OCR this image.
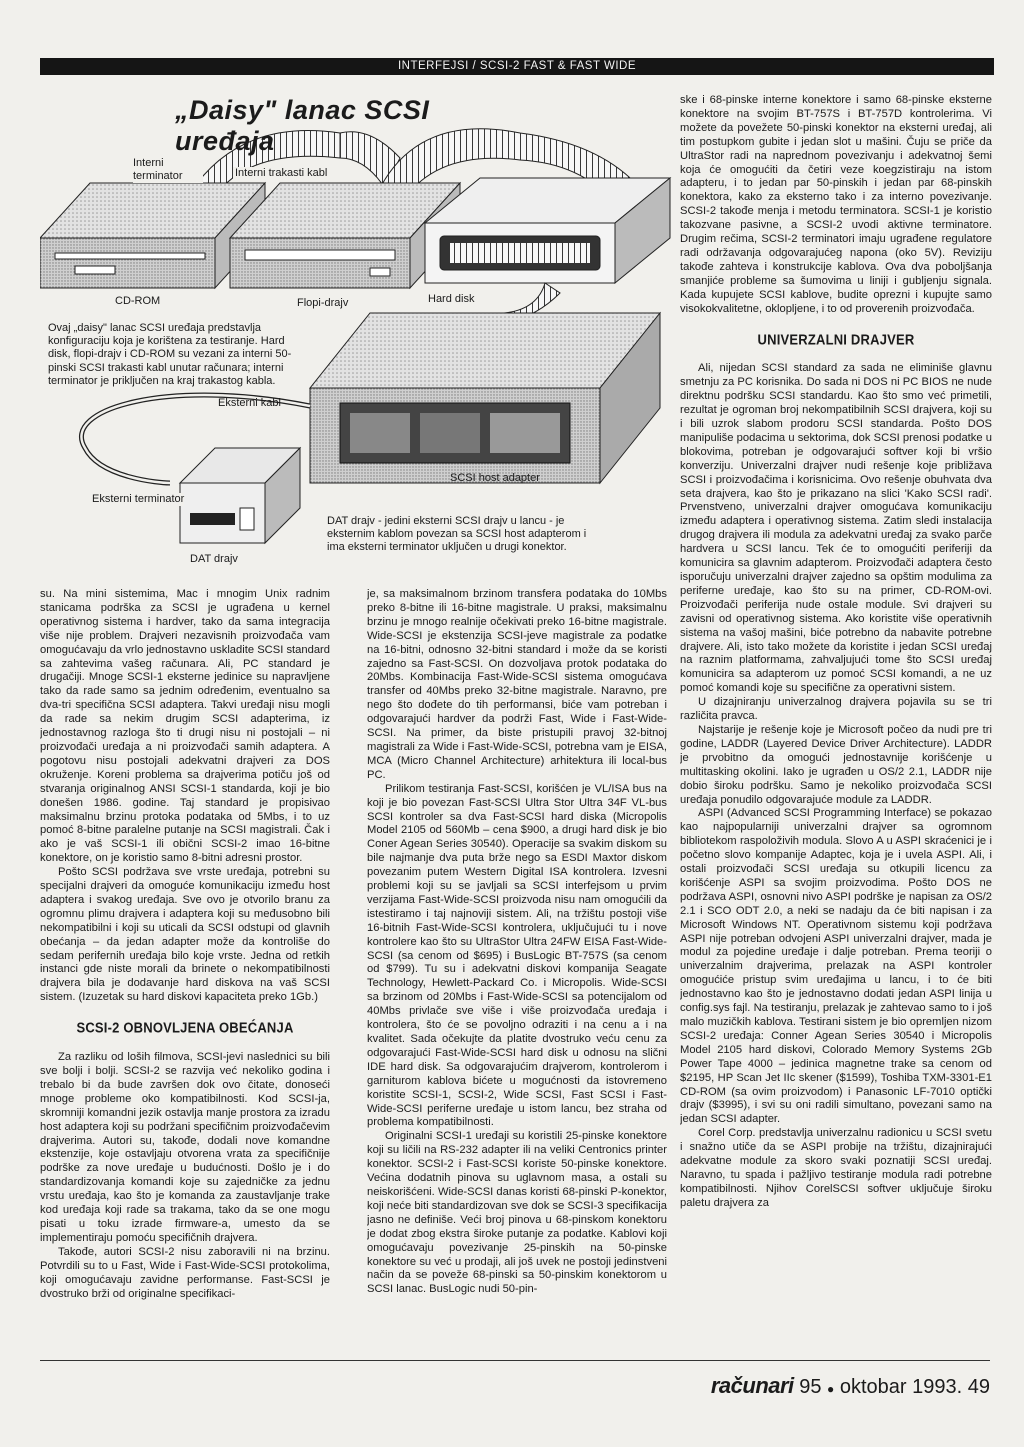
INTERFEJSI / SCSI-2 FAST & FAST WIDE
„Daisy" lanac SCSI uređaja
Interni terminator	Interni trakasti kabl
CD-ROM	Flopi-drajv	Hard disk
Ovaj „daisy" lanac SCSI uređaja predstavlja konfiguraciju koja je korištena za testiranje. Hard disk, flopi-drajv i CD-ROM su vezani za interni 50-pinski SCSI trakasti kabl unutar računara; interni terminator je priključen na kraj trakastog kabla.
Eksterni kabl
SCSI host adapter
Eksterni terminator
DAT drajv
DAT drajv - jedini eksterni SCSI drajv u lancu - je eksternim kablom povezan sa SCSI host adapterom i ima eksterni terminator uključen u drugi konektor.

su. Na mini sistemima, Mac i mnogim Unix radnim stanicama podrška za SCSI je ugrađena u kernel operativnog sistema i hardver, tako da sama integracija više nije problem. Drajveri nezavisnih proizvođača vam omogućavaju da vrlo jednostavno uskladite SCSI standard sa zahtevima vašeg računara. Ali, PC standard je drugačiji. Mnoge SCSI-1 eksterne jedinice su napravljene tako da rade samo sa jednim određenim, eventualno sa dva-tri specifična SCSI adaptera. Takvi uređaji nisu mogli da rade sa nekim drugim SCSI adapterima, iz jednostavnog razloga što ti drugi nisu ni postojali – ni proizvođači uređaja a ni proizvođači samih adaptera. A pogotovu nisu postojali adekvatni drajveri za DOS okruženje. Koreni problema sa drajverima potiču još od stvaranja originalnog ANSI SCSI-1 standarda, koji je bio donešen 1986. godine. Taj standard je propisivao maksimalnu brzinu protoka podataka od 5Mbs, i to uz pomoć 8-bitne paralelne putanje na SCSI magistrali. Čak i ako je vaš SCSI-1 ili obični SCSI-2 imao 16-bitne konektore, on je koristio samo 8-bitni adresni prostor.

Pošto SCSI podržava sve vrste uređaja, potrebni su specijalni drajveri da omoguće komunikaciju između host adaptera i svakog uređaja. Sve ovo je otvorilo branu za ogromnu plimu drajvera i adaptera koji su međusobno bili nekompatibilni i koji su uticali da SCSI odstupi od glavnih obećanja – da jedan adapter može da kontroliše do sedam perifernih uređaja bilo koje vrste. Jedna od retkih instanci gde niste morali da brinete o nekompatibilnosti drajvera bila je dodavanje hard diskova na vaš SCSI sistem. (Izuzetak su hard diskovi kapaciteta preko 1Gb.)

SCSI-2 OBNOVLJENA OBEĆANJA

Za razliku od loših filmova, SCSI-jevi naslednici su bili sve bolji i bolji. SCSI-2 se razvija već nekoliko godina i trebalo bi da bude završen dok ovo čitate, donoseći mnoge probleme oko kompatibilnosti. Kod SCSI-ja, skromniji komandni jezik ostavlja manje prostora za izradu host adaptera koji su podržani specifičnim proizvođačevim drajverima. Autori su, takođe, dodali nove komandne ekstenzije, koje ostavljaju otvorena vrata za specifičnije podrške za nove uređaje u budućnosti. Došlo je i do standardizovanja komandi koje su zajedničke za jednu vrstu uređaja, kao što je komanda za zaustavljanje trake kod uređaja koji rade sa trakama, tako da se one mogu pisati u toku izrade firmware-a, umesto da se implementiraju pomoću specifičnih drajvera.

Takođe, autori SCSI-2 nisu zaboravili ni na brzinu. Potvrdili su to u Fast, Wide i Fast-Wide-SCSI protokolima, koji omogućavaju zavidne performanse. Fast-SCSI je dvostruko brži od originalne specifikaci-

je, sa maksimalnom brzinom transfera podataka do 10Mbs preko 8-bitne ili 16-bitne magistrale. U praksi, maksimalnu brzinu je mnogo realnije očekivati preko 16-bitne magistrale. Wide-SCSI je ekstenzija SCSI-jeve magistrale za podatke na 16-bitni, odnosno 32-bitni standard i može da se koristi zajedno sa Fast-SCSI. On dozvoljava protok podataka do 20Mbs. Kombinacija Fast-Wide-SCSI sistema omogućava transfer od 40Mbs preko 32-bitne magistrale. Naravno, pre nego što dođete do tih performansi, biće vam potreban i odgovarajući hardver da podrži Fast, Wide i Fast-Wide-SCSI. Na primer, da biste pristupili pravoj 32-bitnoj magistrali za Wide i Fast-Wide-SCSI, potrebna vam je EISA, MCA (Micro Channel Architecture) arhitektura ili local-bus PC.

Prilikom testiranja Fast-SCSI, korišćen je VL/ISA bus na koji je bio povezan Fast-SCSI Ultra Stor Ultra 34F VL-bus SCSI kontroler sa dva Fast-SCSI hard diska (Micropolis Model 2105 od 560Mb – cena $900, a drugi hard disk je bio Coner Agean Series 30540). Operacije sa svakim diskom su bile najmanje dva puta brže nego sa ESDI Maxtor diskom povezanim putem Western Digital ISA kontrolera. Izvesni problemi koji su se javljali sa SCSI interfejsom u prvim verzijama Fast-Wide-SCSI proizvoda nisu nam omogućili da istestiramo i taj najnoviji sistem. Ali, na tržištu postoji više 16-bitnih Fast-Wide-SCSI kontrolera, uključujući tu i nove kontrolere kao što su UltraStor Ultra 24FW EISA Fast-Wide-SCSI (sa cenom od $695) i BusLogic BT-757S (sa cenom od $799). Tu su i adekvatni diskovi kompanija Seagate Technology, Hewlett-Packard Co. i Micropolis. Wide-SCSI sa brzinom od 20Mbs i Fast-Wide-SCSI sa potencijalom od 40Mbs privlače sve više i više proizvođača uređaja i kontrolera, što će se povoljno odraziti i na cenu a i na kvalitet. Sada očekujte da platite dvostruko veću cenu za odgovarajući Fast-Wide-SCSI hard disk u odnosu na slični IDE hard disk. Sa odgovarajućim drajverom, kontrolerom i garniturom kablova bićete u mogućnosti da istovremeno koristite SCSI-1, SCSI-2, Wide SCSI, Fast SCSI i Fast-Wide-SCSI periferne uređaje u istom lancu, bez straha od problema kompatibilnosti.

Originalni SCSI-1 uređaji su koristili 25-pinske konektore koji su ličili na RS-232 adapter ili na veliki Centronics printer konektor. SCSI-2 i Fast-SCSI koriste 50-pinske konektore. Većina dodatnih pinova su uglavnom masa, a ostali su neiskorišćeni. Wide-SCSI danas koristi 68-pinski P-konektor, koji neće biti standardizovan sve dok se SCSI-3 specifikacija jasno ne definiše. Veći broj pinova u 68-pinskom konektoru je dodat zbog ekstra široke putanje za podatke. Kablovi koji omogućavaju povezivanje 25-pinskih na 50-pinske konektore su već u prodaji, ali još uvek ne postoji jedinstveni način da se poveže 68-pinski sa 50-pinskim konektorom u SCSI lanac. BusLogic nudi 50-pin-

ske i 68-pinske interne konektore i samo 68-pinske eksterne konektore na svojim BT-757S i BT-757D kontrolerima. Vi možete da povežete 50-pinski konektor na eksterni uređaj, ali tim postupkom gubite i jedan slot u mašini. Čuju se priče da UltraStor radi na naprednom povezivanju i adekvatnoj šemi koja će omogućiti da četiri veze koegzistiraju na istom adapteru, i to jedan par 50-pinskih i jedan par 68-pinskih konektora, kako za eksterno tako i za interno povezivanje. SCSI-2 takođe menja i metodu terminatora. SCSI-1 je koristio takozvane pasivne, a SCSI-2 uvodi aktivne terminatore. Drugim rečima, SCSI-2 terminatori imaju ugrađene regulatore radi održavanja odgovarajućeg napona (oko 5V). Reviziju takođe zahteva i konstrukcije kablova. Ova dva poboljšanja smanjiće probleme sa šumovima u liniji i gubljenju signala. Kada kupujete SCSI kablove, budite oprezni i kupujte samo visokokvalitetne, okloplјene, i to od proverenih proizvođača.

UNIVERZALNI DRAJVER

Ali, nijedan SCSI standard za sada ne eliminiše glavnu smetnju za PC korisnika. Do sada ni DOS ni PC BIOS ne nude direktnu podršku SCSI standardu. Kao što smo već primetili, rezultat je ogroman broj nekompatibilnih SCSI drajvera, koji su i bili uzrok slabom prodoru SCSI standarda. Pošto DOS manipuliše podacima u sektorima, dok SCSI prenosi podatke u blokovima, potreban je odgovarajući softver koji bi vršio konverziju. Univerzalni drajver nudi rešenje koje približava SCSI i proizvođačima i korisnicima. Ovo rešenje obuhvata dva seta drajvera, kao što je prikazano na slici 'Kako SCSI radi'. Prvenstveno, univerzalni drajver omogućava komunikaciju između adaptera i operativnog sistema. Zatim sledi instalacija drugog drajvera ili modula za adekvatni uređaj za svako parče hardvera u SCSI lancu. Tek će to omogućiti periferiji da komunicira sa glavnim adapterom. Proizvođači adaptera često isporučuju univerzalni drajver zajedno sa opštim modulima za periferne uređaje, kao što su na primer, CD-ROM-ovi. Proizvođači periferija nude ostale module. Svi drajveri su zavisni od operativnog sistema. Ako koristite više operativnih sistema na vašoj mašini, biće potrebno da nabavite potrebne drajvere. Ali, isto tako možete da koristite i jedan SCSI uređaj na raznim platformama, zahvaljujući tome što SCSI uređaj komunicira sa adapterom uz pomoć SCSI komandi, a ne uz pomoć komandi koje su specifične za operativni sistem.

U dizajniranju univerzalnog drajvera pojavila su se tri različita pravca.

Najstarije je rešenje koje je Microsoft počeo da nudi pre tri godine, LADDR (Layered Device Driver Architecture). LADDR je prvobitno da omogući jednostavnije korišćenje u multitasking okolini. Iako je ugrađen u OS/2 2.1, LADDR nije dobio široku podršku. Samo je nekoliko proizvođača SCSI uređaja ponudilo odgovarajuće module za LADDR.

ASPI (Advanced SCSI Programming Interface) se pokazao kao najpopularniji univerzalni drajver sa ogromnom bibliotekom raspoloživih modula. Slovo A u ASPI skraćenici je i početno slovo kompanije Adaptec, koja je i uvela ASPI. Ali, i ostali proizvođači SCSI uređaja su otkupili licencu za korišćenje ASPI sa svojim proizvodima. Pošto DOS ne podržava ASPI, osnovni nivo ASPI podrške je napisan za OS/2 2.1 i SCO ODT 2.0, a neki se nadaju da će biti napisan i za Microsoft Windows NT. Operativnom sistemu koji podržava ASPI nije potreban odvojeni ASPI univerzalni drajver, mada je modul za pojedine uređaje i dalje potreban. Prema teoriji o univerzalnim drajverima, prelazak na ASPI kontroler omogućiće pristup svim uređajima u lancu, i to će biti jednostavno kao što je jednostavno dodati jedan ASPI linija u config.sys fajl. Na testiranju, prelazak je zahtevao samo to i još malo muzičkih kablova. Testirani sistem je bio opremljen nizom SCSI-2 uređaja: Conner Agean Series 30540 i Micropolis Model 2105 hard diskovi, Colorado Memory Systems 2Gb Power Tape 4000 – jedinica magnetne trake sa cenom od $2195, HP Scan Jet IIc skener ($1599), Toshiba TXM-3301-E1 CD-ROM (sa ovim proizvodom) i Panasonic LF-7010 optički drajv ($3995), i svi su oni radili simultano, povezani samo na jedan SCSI adapter.

Corel Corp. predstavlja univerzalnu radionicu u SCSI svetu i snažno utiče da se ASPI probije na tržištu, dizajnirajući adekvatne module za skoro svaki poznatiji SCSI uređaj. Naravno, tu spada i pažljivo testiranje modula radi potrebne kompatibilnosti. Njihov CorelSCSI softver uključuje široku paletu drajvera za

računari 95 ● oktobar 1993. 49
